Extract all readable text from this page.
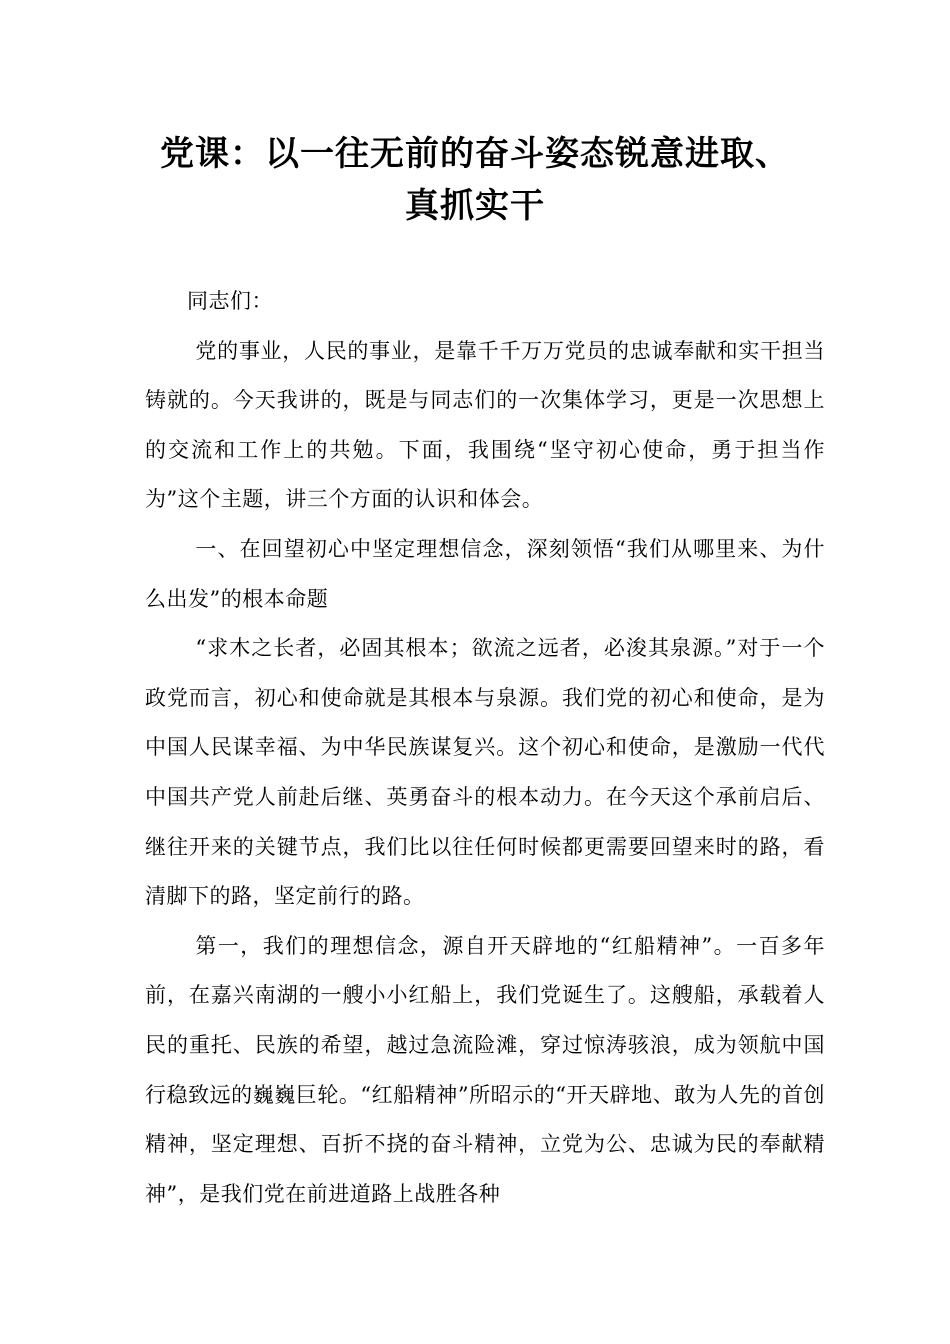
党课：以一往无前的奋斗姿态锐意进取、
真抓实干

同志们：

党的事业，人民的事业，是靠千千万万党员的忠诚奉献和实干担当铸就的。今天我讲的，既是与同志们的一次集体学习，更是一次思想上的交流和工作上的共勉。下面，我围绕“坚守初心使命，勇于担当作为”这个主题，讲三个方面的认识和体会。

一、在回望初心中坚定理想信念，深刻领悟“我们从哪里来、为什么出发”的根本命题

“求木之长者，必固其根本；欲流之远者，必浚其泉源。”对于一个政党而言，初心和使命就是其根本与泉源。我们党的初心和使命，是为中国人民谋幸福、为中华民族谋复兴。这个初心和使命，是激励一代代中国共产党人前赴后继、英勇奋斗的根本动力。在今天这个承前启后、继往开来的关键节点，我们比以往任何时候都更需要回望来时的路，看清脚下的路，坚定前行的路。

第一，我们的理想信念，源自开天辟地的“红船精神”。一百多年前，在嘉兴南湖的一艘小小红船上，我们党诞生了。这艘船，承载着人民的重托、民族的希望，越过急流险滩，穿过惊涛骇浪，成为领航中国行稳致远的巍巍巨轮。“红船精神”所昭示的“开天辟地、敢为人先的首创精神，坚定理想、百折不挠的奋斗精神，立党为公、忠诚为民的奉献精神”，是我们党在前进道路上战胜各种
